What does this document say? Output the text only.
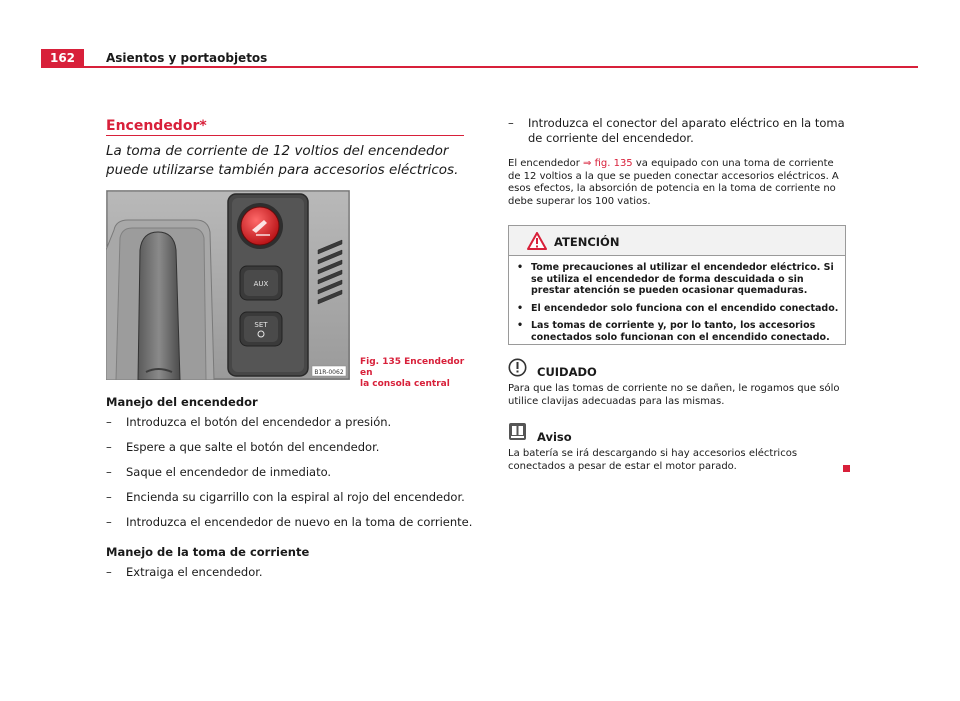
162	Asientos y portaobjetos
Encendedor*
La toma de corriente de 12 voltios del encendedor puede utilizarse también para accesorios eléctricos.
AUX
SET
B1R-0062
Fig. 135 Encendedor en
la consola central
Manejo del encendedor
– Introduzca el botón del encendedor a presión.
– Espere a que salte el botón del encendedor.
– Saque el encendedor de inmediato.
– Encienda su cigarrillo con la espiral al rojo del encendedor.
– Introduzca el encendedor de nuevo en la toma de corriente.
Manejo de la toma de corriente
– Extraiga el encendedor.
– Introduzca el conector del aparato eléctrico en la toma de corriente del encendedor.
El encendedor ⇒ fig. 135 va equipado con una toma de corriente de 12 voltios a la que se pueden conectar accesorios eléctricos. A esos efectos, la absorción de potencia en la toma de corriente no debe superar los 100 vatios.
ATENCIÓN
• Tome precauciones al utilizar el encendedor eléctrico. Si se utiliza el encendedor de forma descuidada o sin prestar atención se pueden ocasionar quemaduras.
• El encendedor solo funciona con el encendido conectado.
• Las tomas de corriente y, por lo tanto, los accesorios conectados solo funcionan con el encendido conectado.
CUIDADO
Para que las tomas de corriente no se dañen, le rogamos que sólo utilice clavijas adecuadas para las mismas.
Aviso
La batería se irá descargando si hay accesorios eléctricos conectados a pesar de estar el motor parado.
